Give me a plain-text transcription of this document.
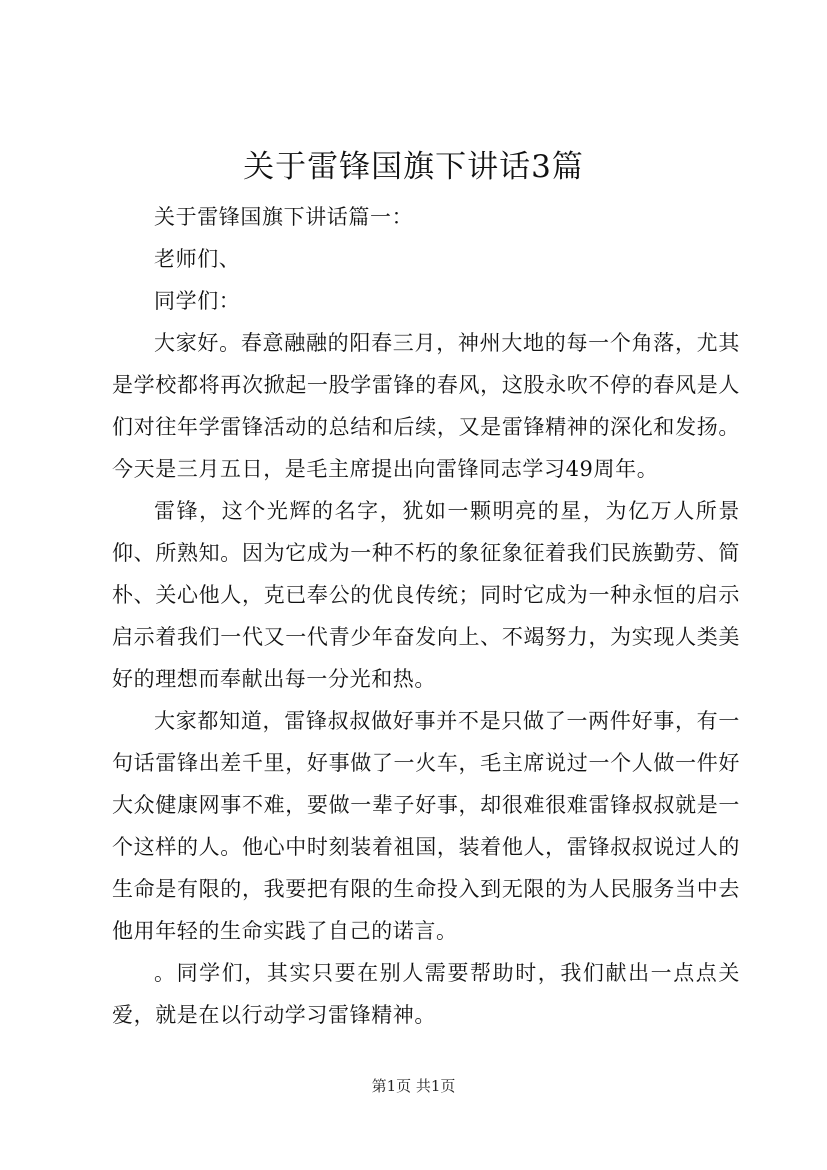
关于雷锋国旗下讲话3篇

关于雷锋国旗下讲话篇一：

老师们、

同学们：

大家好。春意融融的阳春三月，神州大地的每一个角落，尤其是学校都将再次掀起一股学雷锋的春风，这股永吹不停的春风是人们对往年学雷锋活动的总结和后续，又是雷锋精神的深化和发扬。今天是三月五日，是毛主席提出向雷锋同志学习49周年。

雷锋，这个光辉的名字，犹如一颗明亮的星，为亿万人所景仰、所熟知。因为它成为一种不朽的象征象征着我们民族勤劳、简朴、关心他人，克已奉公的优良传统；同时它成为一种永恒的启示启示着我们一代又一代青少年奋发向上、不竭努力，为实现人类美好的理想而奉献出每一分光和热。

大家都知道，雷锋叔叔做好事并不是只做了一两件好事，有一句话雷锋出差千里，好事做了一火车，毛主席说过一个人做一件好大众健康网事不难，要做一辈子好事，却很难很难雷锋叔叔就是一个这样的人。他心中时刻装着祖国，装着他人，雷锋叔叔说过人的生命是有限的，我要把有限的生命投入到无限的为人民服务当中去他用年轻的生命实践了自己的诺言。

。同学们，其实只要在别人需要帮助时，我们献出一点点关爱，就是在以行动学习雷锋精神。

第1页 共1页
